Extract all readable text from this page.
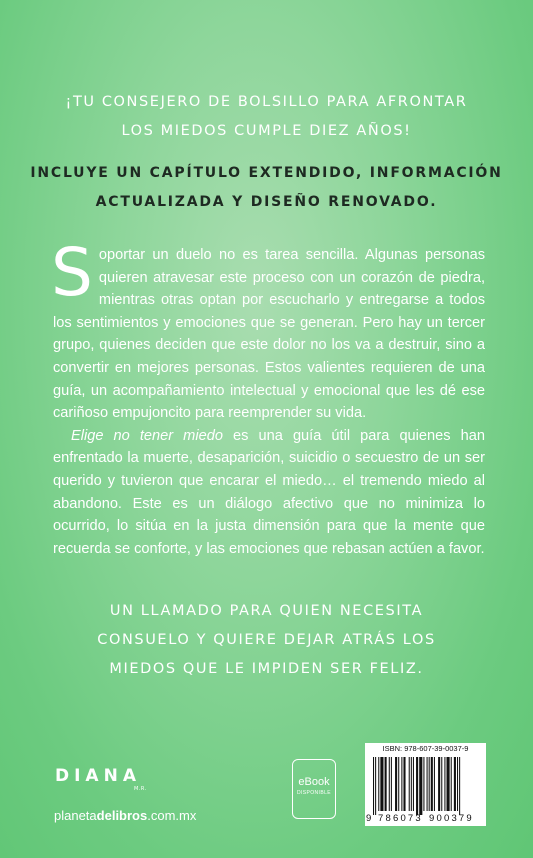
¡TU CONSEJERO DE BOLSILLO PARA AFRONTAR
LOS MIEDOS CUMPLE DIEZ AÑOS!
INCLUYE UN CAPÍTULO EXTENDIDO, INFORMACIÓN
ACTUALIZADA Y DISEÑO RENOVADO.

Soportar un duelo no es tarea sencilla. Algunas personas quieren atravesar este proceso con un corazón de piedra, mientras otras optan por escucharlo y entregarse a todos los sentimientos y emociones que se generan. Pero hay un tercer grupo, quienes deciden que este dolor no los va a destruir, sino a convertir en mejores personas. Estos valientes requieren de una guía, un acompañamiento intelectual y emocional que les dé ese cariñoso empujoncito para reemprender su vida.

Elige no tener miedo es una guía útil para quienes han enfrentado la muerte, desaparición, suicidio o secuestro de un ser querido y tuvieron que encarar el miedo… el tremendo miedo al abandono. Este es un diálogo afectivo que no minimiza lo ocurrido, lo sitúa en la justa dimensión para que la mente que recuerda se conforte, y las emociones que rebasan actúen a favor.

UN LLAMADO PARA QUIEN NECESITA
CONSUELO Y QUIERE DEJAR ATRÁS LOS
MIEDOS QUE LE IMPIDEN SER FELIZ.
DIANA
M.R.
planetadelibros.com.mx
eBook
DISPONIBLE
ISBN: 978-607-39-0037-9
9 786073 900379
